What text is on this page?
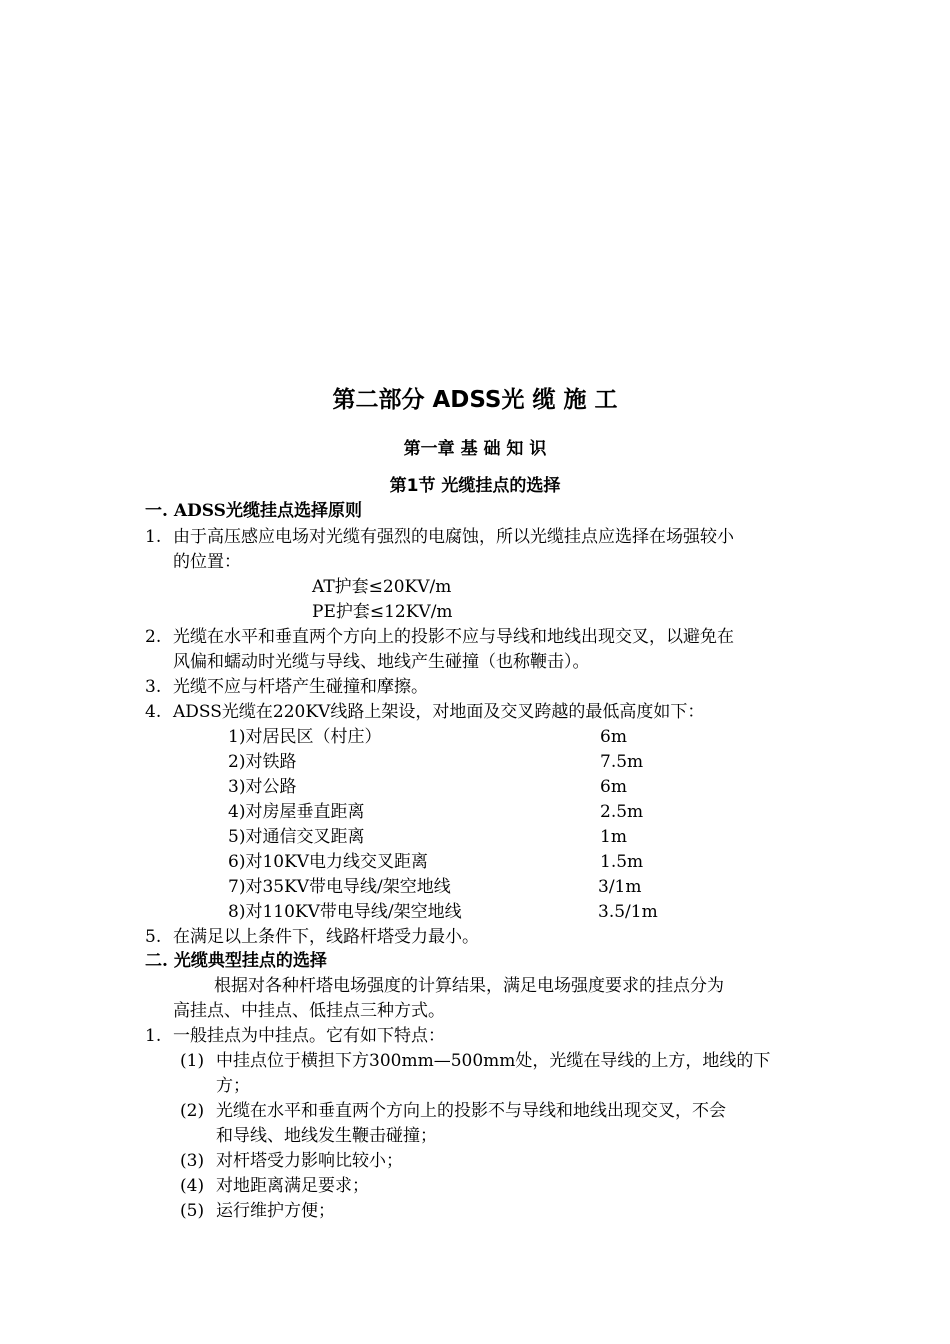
第二部分 ADSS光 缆 施 工
第一章 基 础 知 识
第1节 光缆挂点的选择
一. ADSS光缆挂点选择原则
1. 由于高压感应电场对光缆有强烈的电腐蚀，所以光缆挂点应选择在场强较小
的位置：
AT护套≤20KV/m
PE护套≤12KV/m
2. 光缆在水平和垂直两个方向上的投影不应与导线和地线出现交叉，以避免在
风偏和蠕动时光缆与导线、地线产生碰撞（也称鞭击）。
3. 光缆不应与杆塔产生碰撞和摩擦。
4. ADSS光缆在220KV线路上架设，对地面及交叉跨越的最低高度如下：
1)对居民区（村庄）	6m
2)对铁路	7.5m
3)对公路	6m
4)对房屋垂直距离	2.5m
5)对通信交叉距离	1m
6)对10KV电力线交叉距离	1.5m
7)对35KV带电导线/架空地线	3/1m
8)对110KV带电导线/架空地线	3.5/1m
5. 在满足以上条件下，线路杆塔受力最小。
二. 光缆典型挂点的选择
根据对各种杆塔电场强度的计算结果，满足电场强度要求的挂点分为
高挂点、中挂点、低挂点三种方式。
1. 一般挂点为中挂点。它有如下特点：
(1) 中挂点位于横担下方300mm—500mm处，光缆在导线的上方，地线的下
方；
(2) 光缆在水平和垂直两个方向上的投影不与导线和地线出现交叉，不会
和导线、地线发生鞭击碰撞；
(3) 对杆塔受力影响比较小；
(4) 对地距离满足要求；
(5) 运行维护方便；
